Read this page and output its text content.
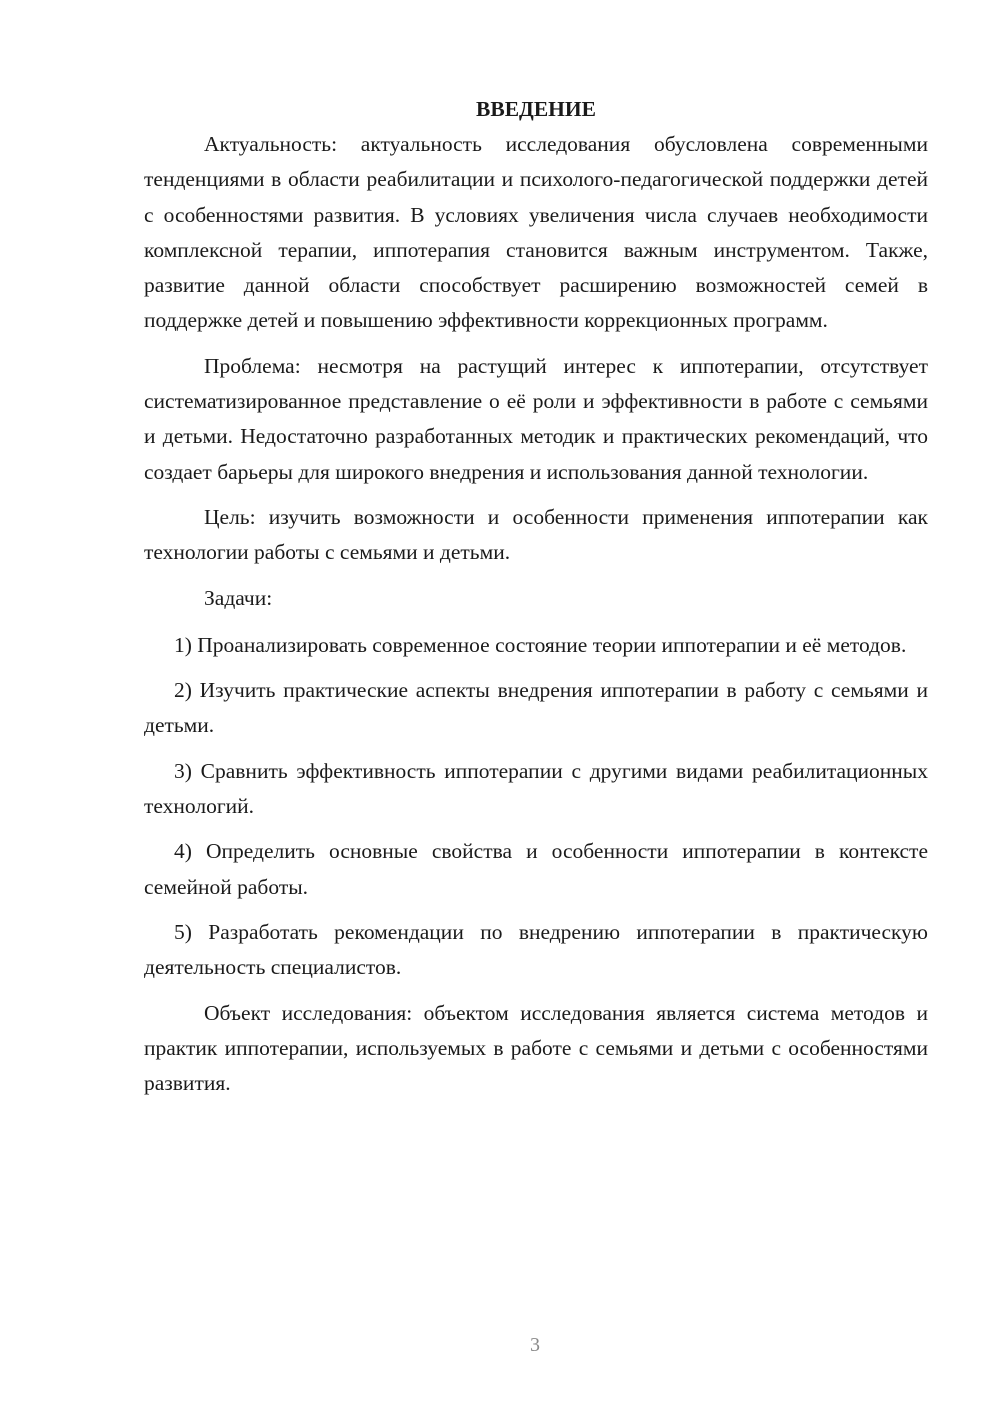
ВВЕДЕНИЕ

Актуальность: актуальность исследования обусловлена современными тенденциями в области реабилитации и психолого-педагогической поддержки детей с особенностями развития. В условиях увеличения числа случаев необходимости комплексной терапии, иппотерапия становится важным инструментом. Также, развитие данной области способствует расширению возможностей семей в поддержке детей и повышению эффективности коррекционных программ.

Проблема: несмотря на растущий интерес к иппотерапии, отсутствует систематизированное представление о её роли и эффективности в работе с семьями и детьми. Недостаточно разработанных методик и практических рекомендаций, что создает барьеры для широкого внедрения и использования данной технологии.

Цель: изучить возможности и особенности применения иппотерапии как технологии работы с семьями и детьми.

Задачи:

1) Проанализировать современное состояние теории иппотерапии и её методов.

2) Изучить практические аспекты внедрения иппотерапии в работу с семьями и детьми.

3) Сравнить эффективность иппотерапии с другими видами реабилитационных технологий.

4) Определить основные свойства и особенности иппотерапии в контексте семейной работы.

5) Разработать рекомендации по внедрению иппотерапии в практическую деятельность специалистов.

Объект исследования: объектом исследования является система методов и практик иппотерапии, используемых в работе с семьями и детьми с особенностями развития.

3
